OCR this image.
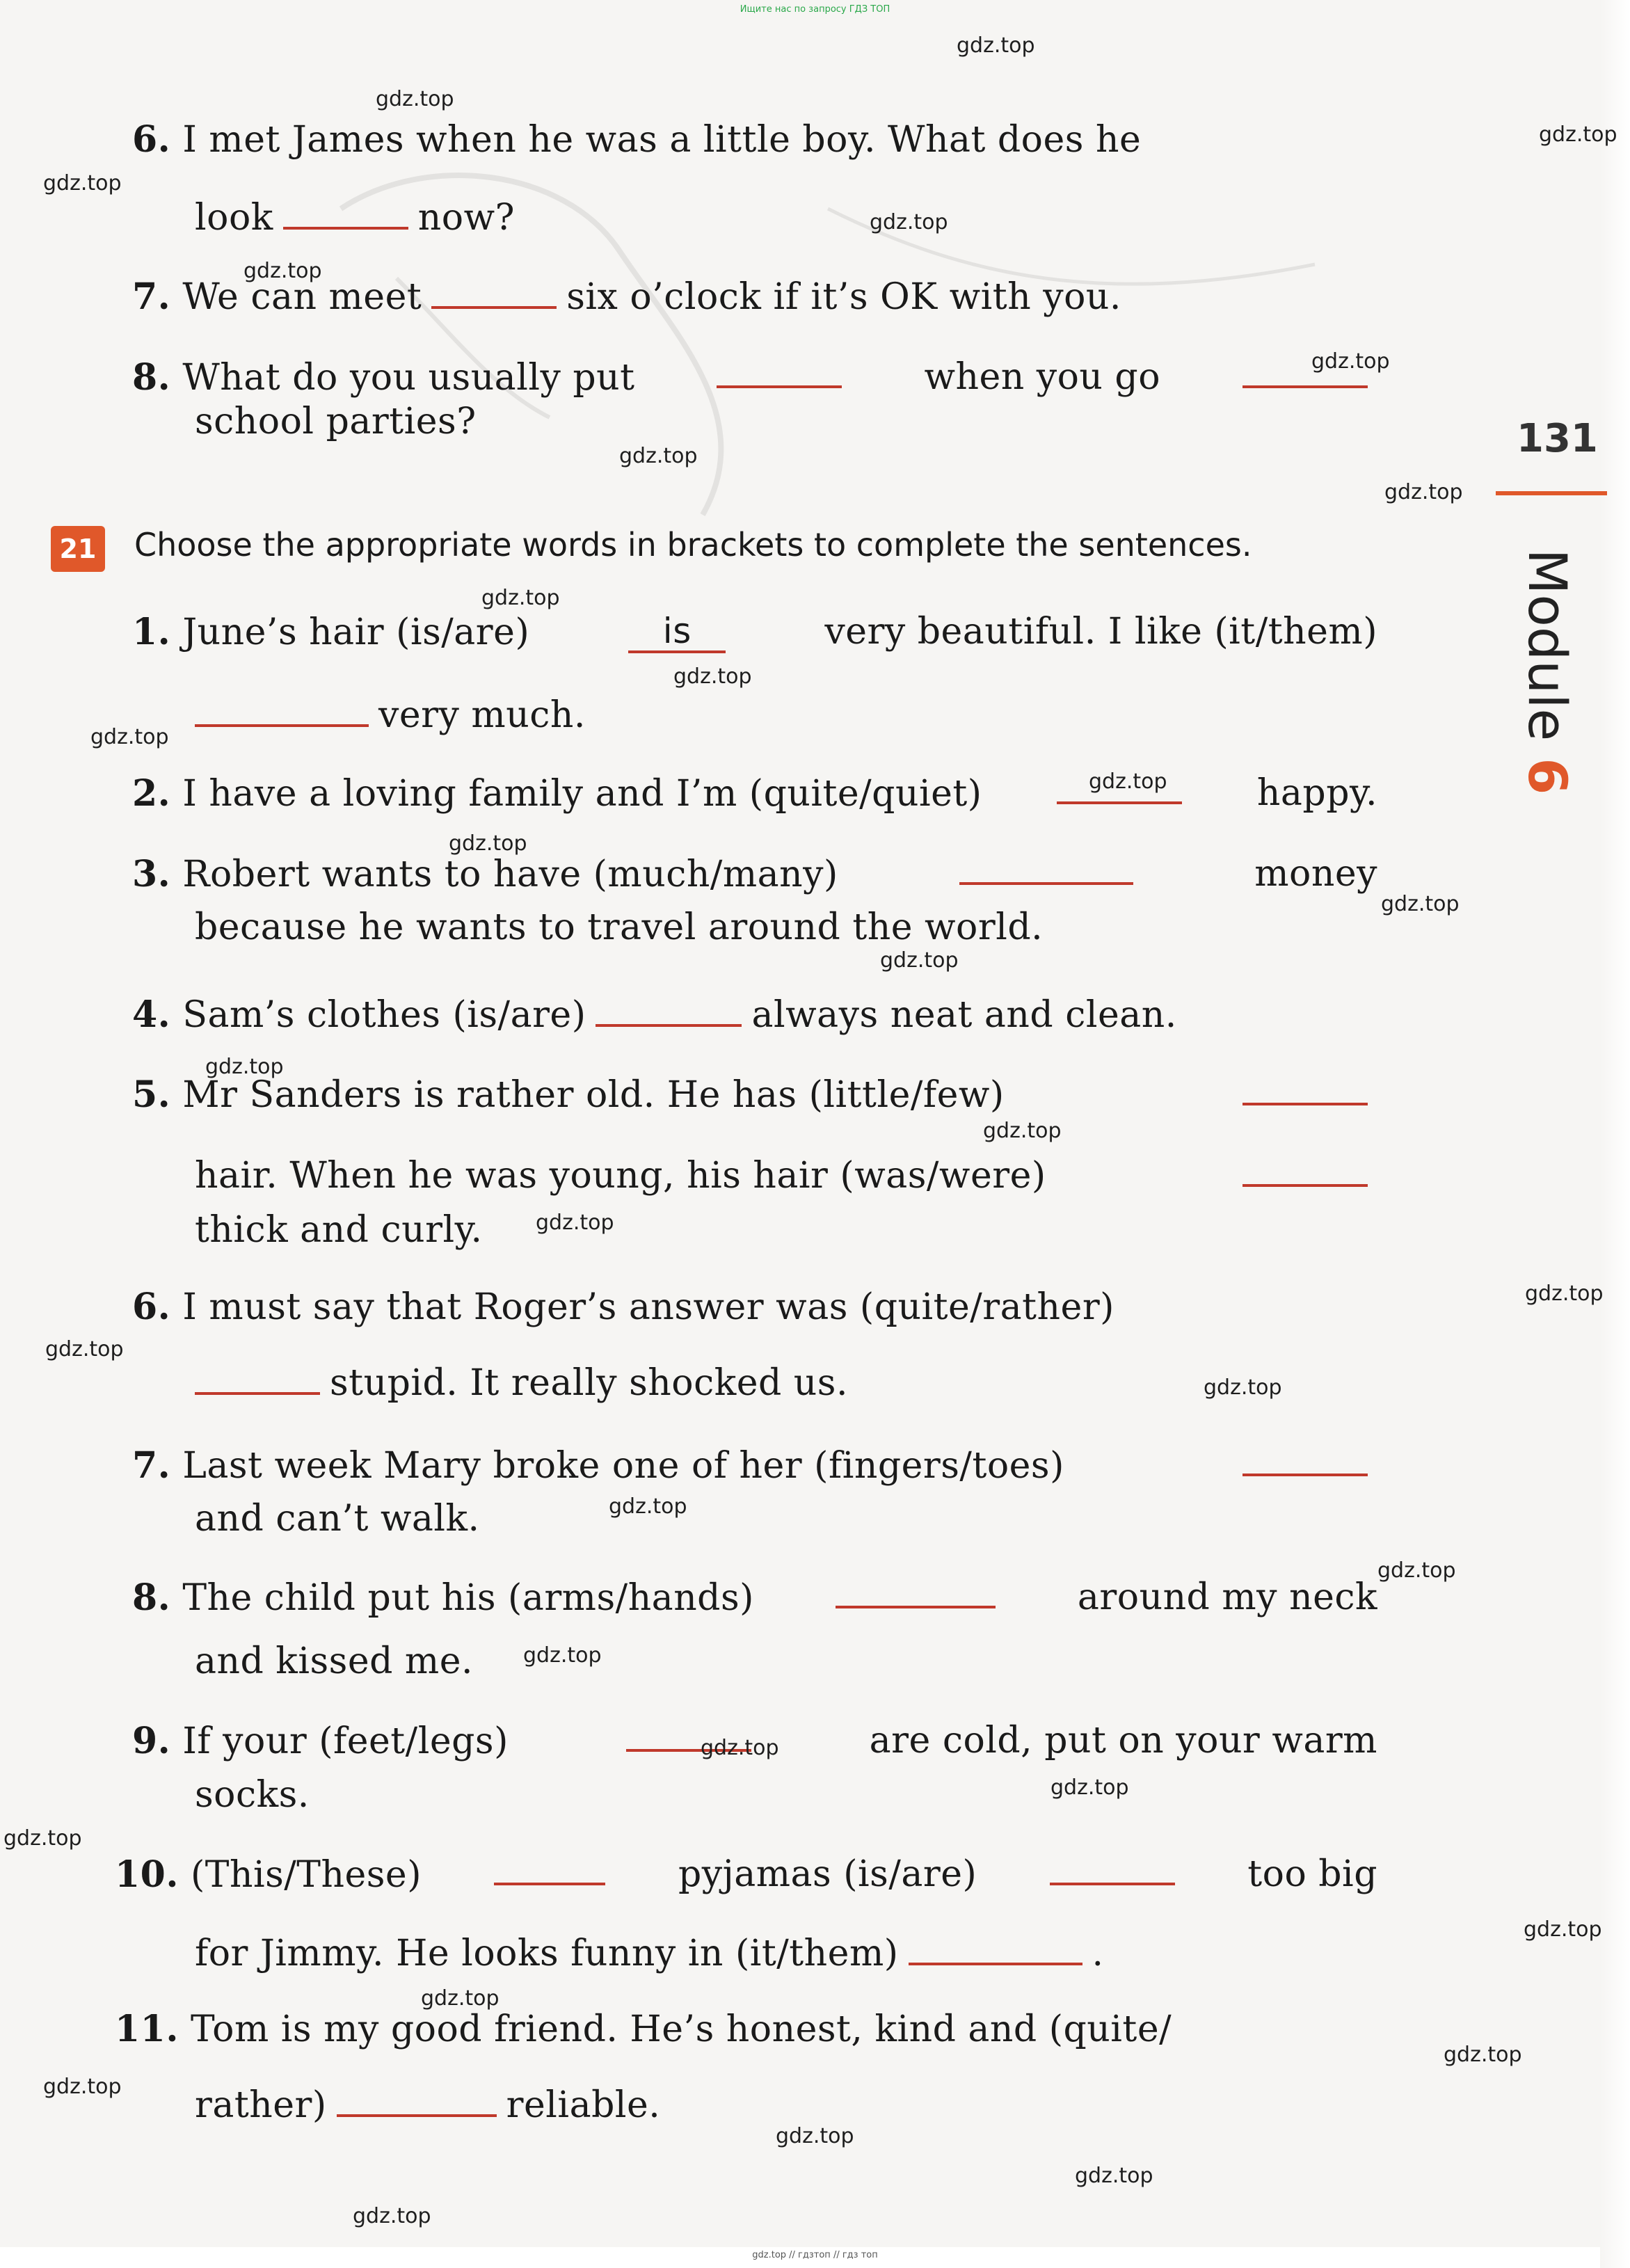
Ищите нас по запросу ГДЗ ТОП
gdz.top // гдзтоп // гдз топ
131
Module 6
6. I met James when he was a little boy. What does he
look	now?
7. We can meet	six o’clock if it’s OK with you.
8. What do you usually put	when you go
school parties?
21 Choose the appropriate words in brackets to complete the sentences.
1. June’s hair (is/are)	is	very beautiful. I like (it/them)
very much.
2. I have a loving family and I’m (quite/quiet)	happy.
3. Robert wants to have (much/many)	money
because he wants to travel around the world.
4. Sam’s clothes (is/are)	always neat and clean.
5. Mr Sanders is rather old. He has (little/few)
hair. When he was young, his hair (was/were)
thick and curly.
6. I must say that Roger’s answer was (quite/rather)
stupid. It really shocked us.
7. Last week Mary broke one of her (fingers/toes)
and can’t walk.
8. The child put his (arms/hands)	around my neck
and kissed me.
9. If your (feet/legs)	are cold, put on your warm
socks.
10. (This/These)	pyjamas (is/are)	too big
for Jimmy. He looks funny in (it/them)	.
11. Tom is my good friend. He’s honest, kind and (quite/
rather)	reliable.
gdz.top
gdz.top
gdz.top
gdz.top
gdz.top
gdz.top
gdz.top
gdz.top
gdz.top
gdz.top
gdz.top
gdz.top
gdz.top
gdz.top
gdz.top
gdz.top
gdz.top
gdz.top
gdz.top
gdz.top
gdz.top
gdz.top
gdz.top
gdz.top
gdz.top
gdz.top
gdz.top
gdz.top
gdz.top
gdz.top
gdz.top
gdz.top
gdz.top
gdz.top
gdz.top
